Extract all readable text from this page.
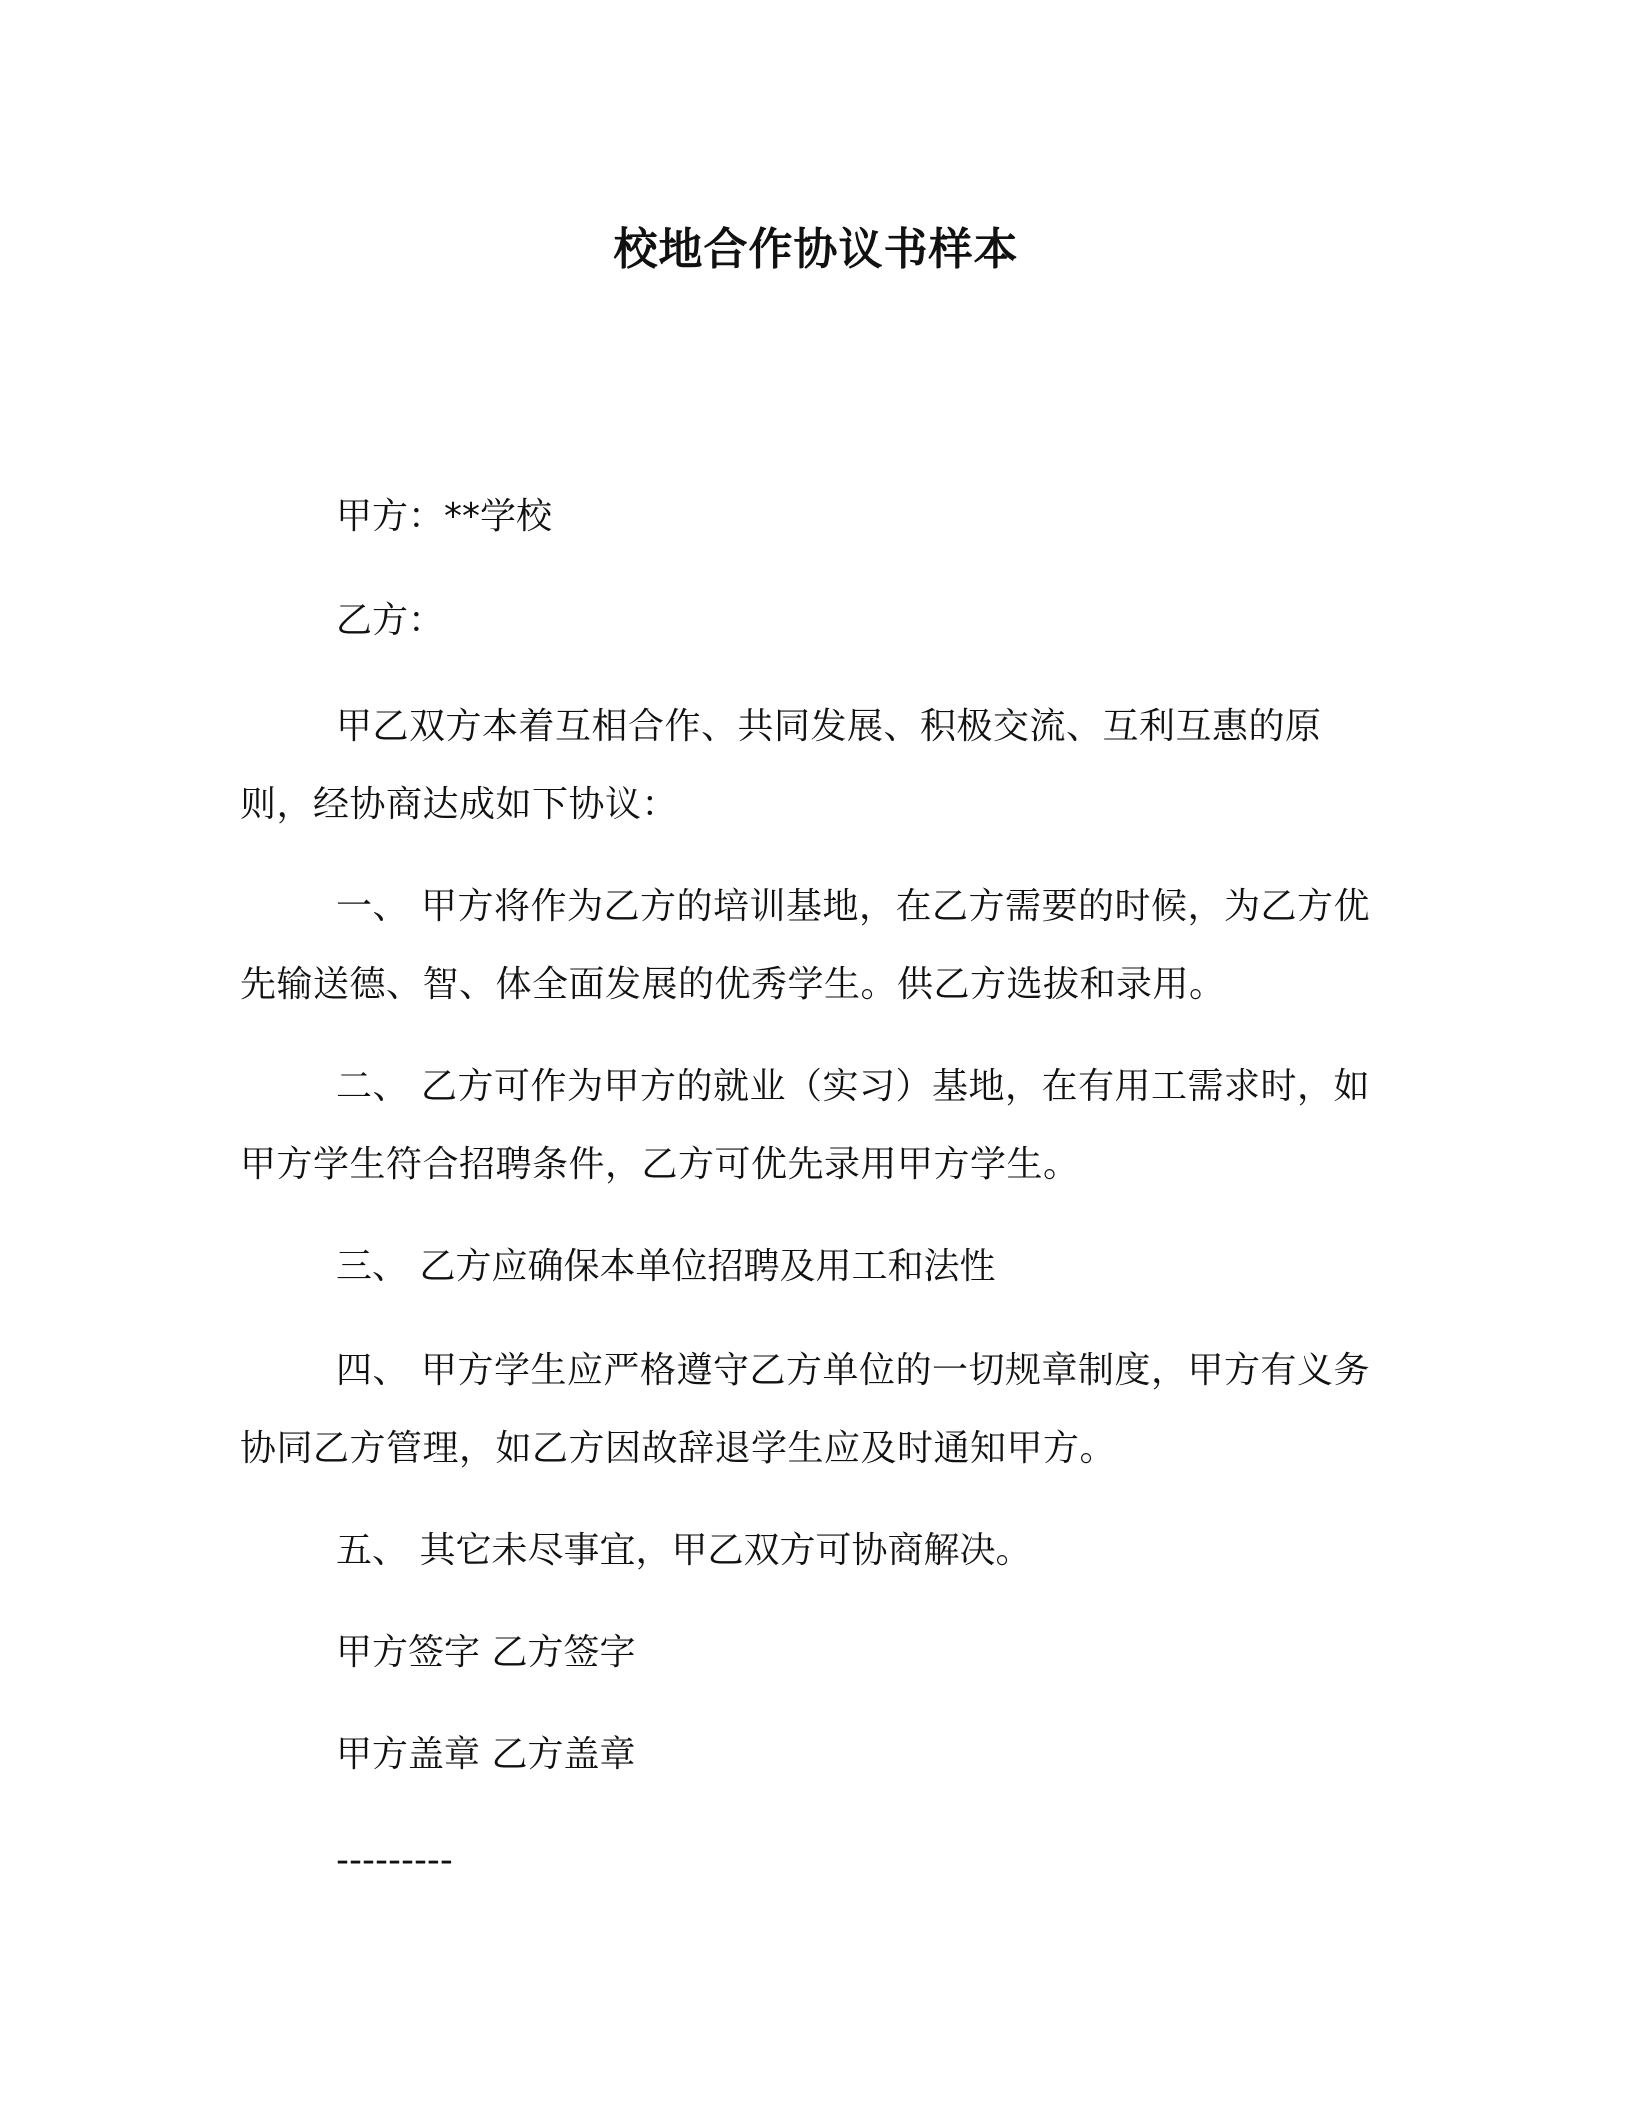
校地合作协议书样本
甲方：**学校
乙方：

甲乙双方本着互相合作、共同发展、积极交流、互利互惠的原则，经协商达成如下协议：

一、 甲方将作为乙方的培训基地，在乙方需要的时候，为乙方优先输送德、智、体全面发展的优秀学生。供乙方选拔和录用。

二、 乙方可作为甲方的就业（实习）基地，在有用工需求时，如甲方学生符合招聘条件，乙方可优先录用甲方学生。

三、 乙方应确保本单位招聘及用工和法性

四、 甲方学生应严格遵守乙方单位的一切规章制度，甲方有义务协同乙方管理，如乙方因故辞退学生应及时通知甲方。

五、 其它未尽事宜，甲乙双方可协商解决。
甲方签字 乙方签字
甲方盖章 乙方盖章
---------
